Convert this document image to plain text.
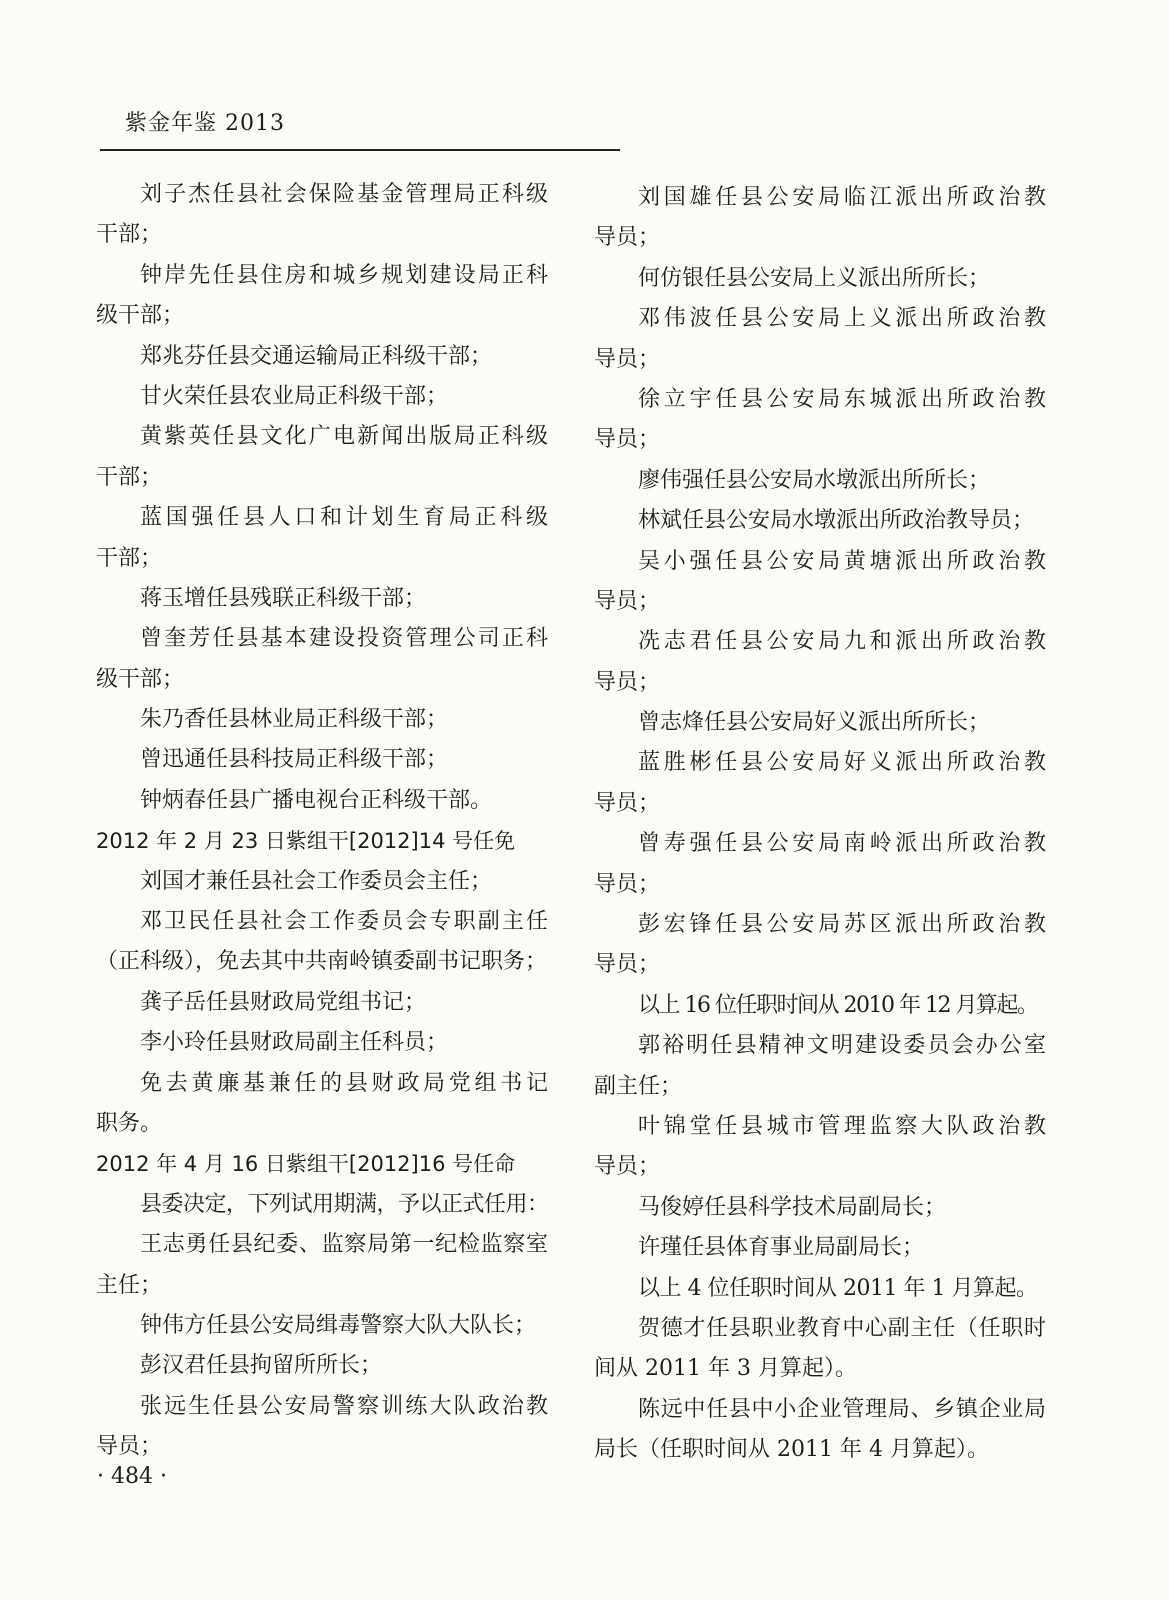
紫金年鉴 2013
刘子杰任县社会保险基金管理局正科级
干部；
钟岸先任县住房和城乡规划建设局正科
级干部；
郑兆芬任县交通运输局正科级干部；
甘火荣任县农业局正科级干部；
黄紫英任县文化广电新闻出版局正科级
干部；
蓝国强任县人口和计划生育局正科级
干部；
蒋玉增任县残联正科级干部；
曾奎芳任县基本建设投资管理公司正科
级干部；
朱乃香任县林业局正科级干部；
曾迅通任县科技局正科级干部；
钟炳春任县广播电视台正科级干部。
2012 年 2 月 23 日紫组干[2012]14 号任免
刘国才兼任县社会工作委员会主任；
邓卫民任县社会工作委员会专职副主任
（正科级），免去其中共南岭镇委副书记职务；
龚子岳任县财政局党组书记；
李小玲任县财政局副主任科员；
免去黄廉基兼任的县财政局党组书记
职务。
2012 年 4 月 16 日紫组干[2012]16 号任命
县委决定，下列试用期满，予以正式任用：
王志勇任县纪委、监察局第一纪检监察室
主任；
钟伟方任县公安局缉毒警察大队大队长；
彭汉君任县拘留所所长；
张远生任县公安局警察训练大队政治教
导员；
刘国雄任县公安局临江派出所政治教
导员；
何仿银任县公安局上义派出所所长；
邓伟波任县公安局上义派出所政治教
导员；
徐立宇任县公安局东城派出所政治教
导员；
廖伟强任县公安局水墩派出所所长；
林斌任县公安局水墩派出所政治教导员；
吴小强任县公安局黄塘派出所政治教
导员；
冼志君任县公安局九和派出所政治教
导员；
曾志烽任县公安局好义派出所所长；
蓝胜彬任县公安局好义派出所政治教
导员；
曾寿强任县公安局南岭派出所政治教
导员；
彭宏锋任县公安局苏区派出所政治教
导员；
以上 16 位任职时间从 2010 年 12 月算起。
郭裕明任县精神文明建设委员会办公室
副主任；
叶锦堂任县城市管理监察大队政治教
导员；
马俊婷任县科学技术局副局长；
许瑾任县体育事业局副局长；
以上 4 位任职时间从 2011 年 1 月算起。
贺德才任县职业教育中心副主任（任职时
间从 2011 年 3 月算起）。
陈远中任县中小企业管理局、乡镇企业局
局长（任职时间从 2011 年 4 月算起）。
· 484 ·
